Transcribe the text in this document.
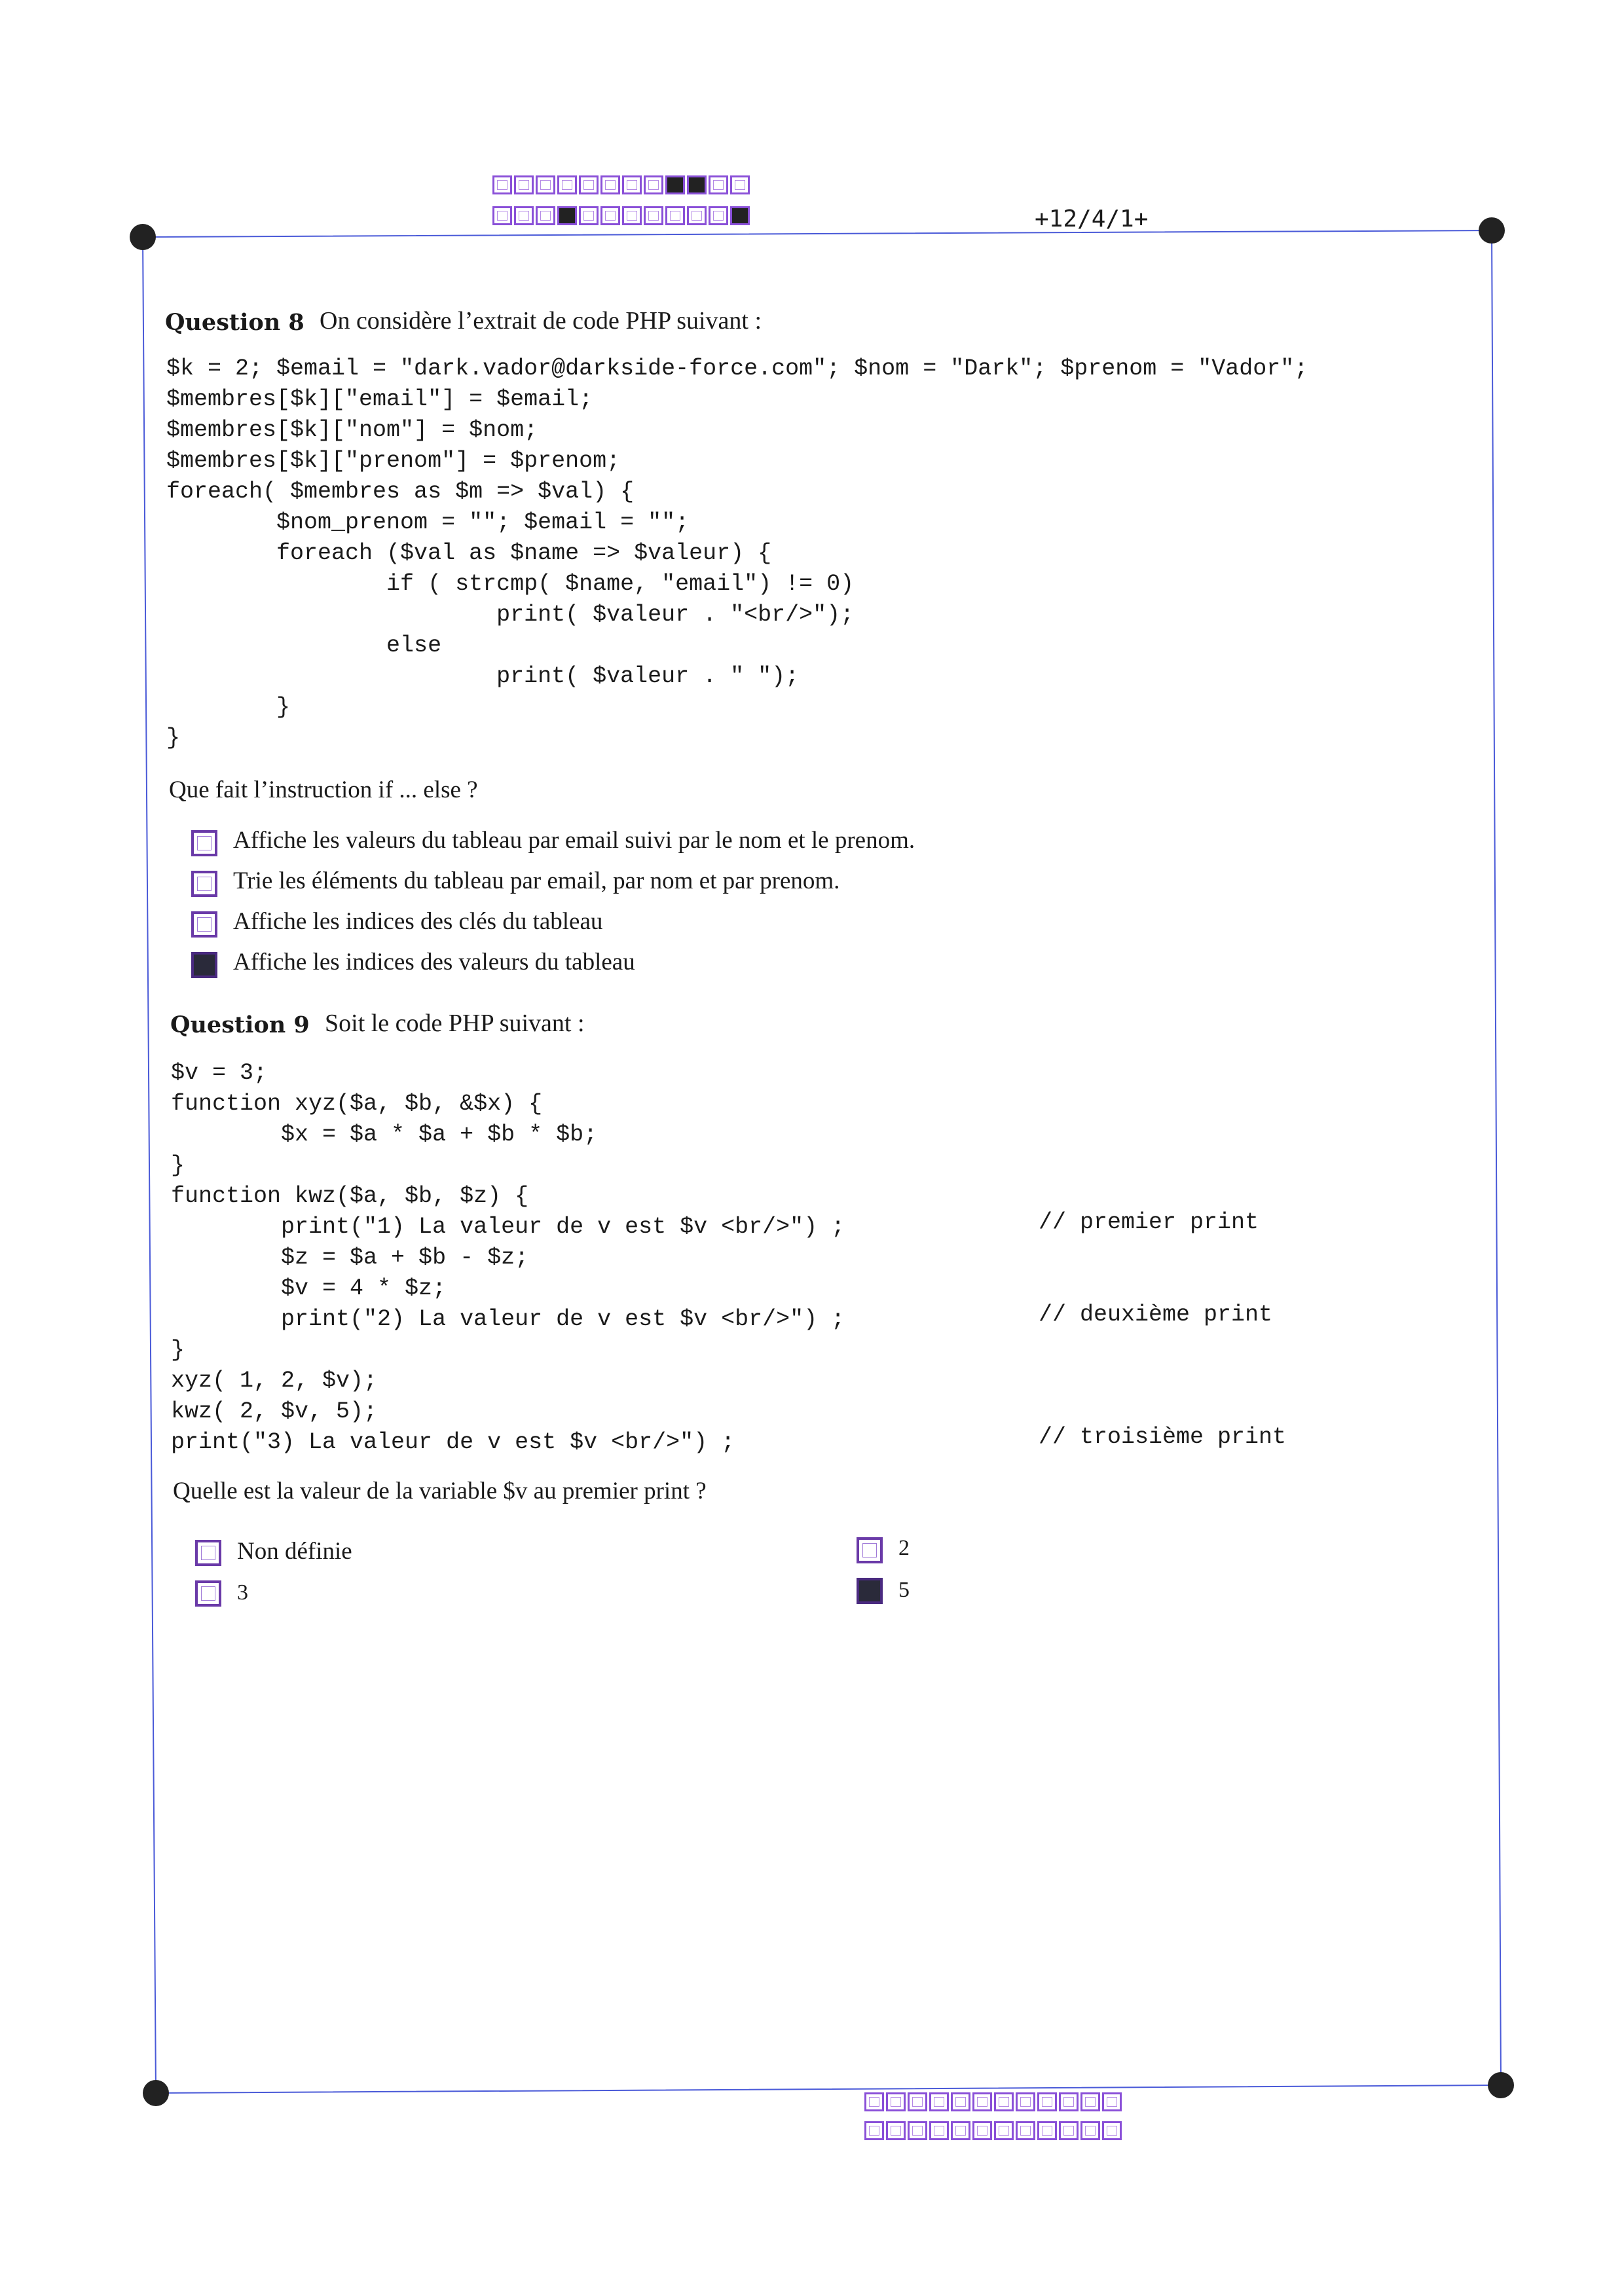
+12/4/1+
Question 8 On considère l’extrait de code PHP suivant :
$k = 2; $email = "dark.vador@darkside-force.com"; $nom = "Dark"; $prenom = "Vador";
$membres[$k]["email"] = $email;
$membres[$k]["nom"] = $nom;
$membres[$k]["prenom"] = $prenom;
foreach( $membres as $m => $val) {
$nom_prenom = ""; $email = "";
foreach ($val as $name => $valeur) {
if ( strcmp( $name, "email") != 0)
print( $valeur . "<br/>");
else
print( $valeur . " ");
}
}
Que fait l’instruction if ... else ?
Affiche les valeurs du tableau par email suivi par le nom et le prenom.
Trie les éléments du tableau par email, par nom et par prenom.
Affiche les indices des clés du tableau
Affiche les indices des valeurs du tableau
Question 9 Soit le code PHP suivant :
$v = 3;
function xyz($a, $b, &$x) {
$x = $a * $a + $b * $b;
}
function kwz($a, $b, $z) {
print("1) La valeur de v est $v <br/>") ;
$z = $a + $b - $z;
$v = 4 * $z;
print("2) La valeur de v est $v <br/>") ;
}
xyz( 1, 2, $v);
kwz( 2, $v, 5);
print("3) La valeur de v est $v <br/>") ;
// premier print
// deuxième print
// troisième print
Quelle est la valeur de la variable $v au premier print ?
Non définie	2
3	5
